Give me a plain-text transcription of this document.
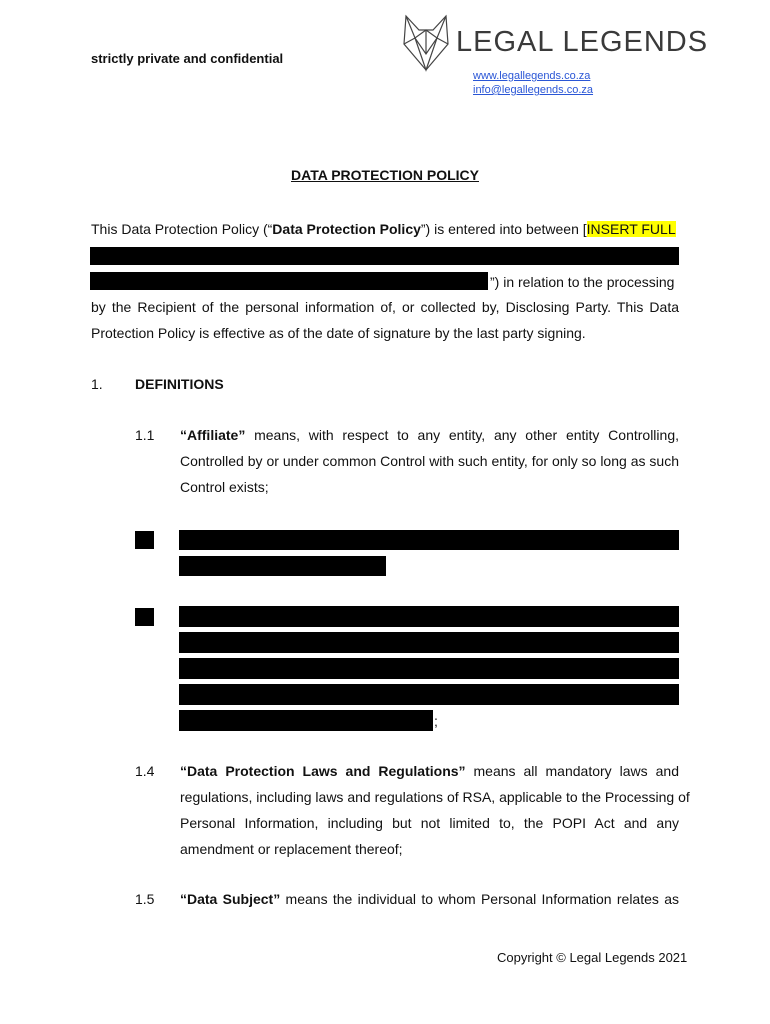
strictly private and confidential
LEGAL LEGENDS
www.legallegends.co.za
info@legallegends.co.za
DATA PROTECTION POLICY
This Data Protection Policy (“Data Protection Policy”) is entered into between [INSERT FULL
”) in relation to the processing
by the Recipient of the personal information of, or collected by, Disclosing Party. This Data
Protection Policy is effective as of the date of signature by the last party signing.
1. DEFINITIONS
1.1 “Affiliate” means, with respect to any entity, any other entity Controlling,
Controlled by or under common Control with such entity, for only so long as such
Control exists;
;
1.4 “Data Protection Laws and Regulations” means all mandatory laws and
regulations, including laws and regulations of RSA, applicable to the Processing of
Personal Information, including but not limited to, the POPI Act and any
amendment or replacement thereof;
1.5 “Data Subject” means the individual to whom Personal Information relates as
Copyright © Legal Legends 2021
